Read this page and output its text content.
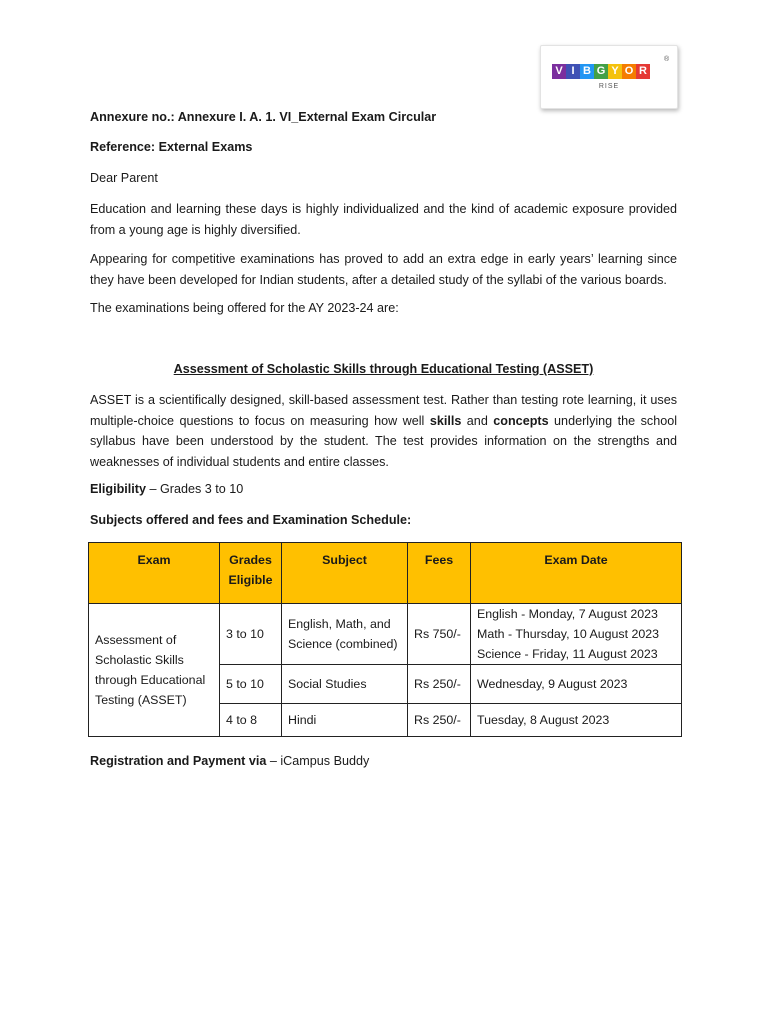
V I B G Y O R
®
RISE
Annexure no.: Annexure I. A. 1. VI_External Exam Circular
Reference: External Exams
Dear Parent
Education and learning these days is highly individualized and the kind of academic exposure provided from a young age is highly diversified.
Appearing for competitive examinations has proved to add an extra edge in early years’ learning since they have been developed for Indian students, after a detailed study of the syllabi of the various boards.
The examinations being offered for the AY 2023-24 are:
Assessment of Scholastic Skills through Educational Testing (ASSET)
ASSET is a scientifically designed, skill-based assessment test. Rather than testing rote learning, it uses multiple-choice questions to focus on measuring how well skills and concepts underlying the school syllabus have been understood by the student. The test provides information on the strengths and weaknesses of individual students and entire classes.
Eligibility – Grades 3 to 10
Subjects offered and fees and Examination Schedule:
Exam	Grades Eligible	Subject	Fees	Exam Date
Assessment of Scholastic Skills through Educational Testing (ASSET)	3 to 10	English, Math, and Science (combined)	Rs 750/-	English - Monday, 7 August 2023
Math - Thursday, 10 August 2023
Science - Friday, 11 August 2023

	5 to 10	Social Studies	Rs 250/-	Wednesday, 9 August 2023
	4 to 8	Hindi	Rs 250/-	Tuesday, 8 August 2023
Registration and Payment via – iCampus Buddy
